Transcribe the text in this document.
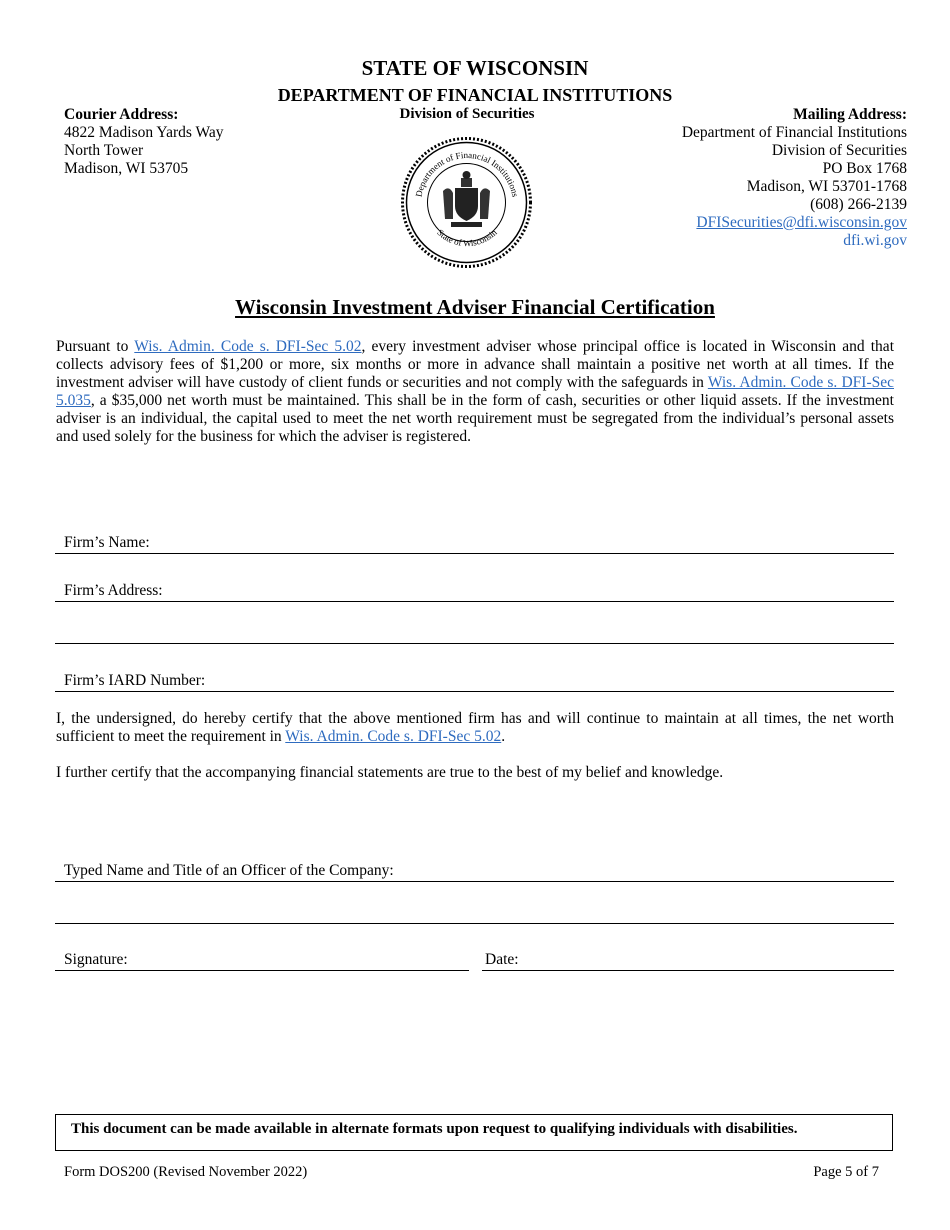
STATE OF WISCONSIN
DEPARTMENT OF FINANCIAL INSTITUTIONS
Division of Securities
Courier Address:
4822 Madison Yards Way
North Tower
Madison, WI 53705
Mailing Address:
Department of Financial Institutions
Division of Securities
PO Box 1768
Madison, WI 53701-1768
(608) 266-2139
DFISecurities@dfi.wisconsin.gov
dfi.wi.gov
Department of Financial Institutions
State of Wisconsin
Wisconsin Investment Adviser Financial Certification
Pursuant to Wis. Admin. Code s. DFI-Sec 5.02, every investment adviser whose principal office is located in Wisconsin and that collects advisory fees of $1,200 or more, six months or more in advance shall maintain a positive net worth at all times. If the investment adviser will have custody of client funds or securities and not comply with the safeguards in Wis. Admin. Code s. DFI-Sec 5.035, a $35,000 net worth must be maintained. This shall be in the form of cash, securities or other liquid assets. If the investment adviser is an individual, the capital used to meet the net worth requirement must be segregated from the individual’s personal assets and used solely for the business for which the adviser is registered.
Firm’s Name:
Firm’s Address:
Firm’s IARD Number:
I, the undersigned, do hereby certify that the above mentioned firm has and will continue to maintain at all times, the net worth sufficient to meet the requirement in Wis. Admin. Code s. DFI-Sec 5.02.
I further certify that the accompanying financial statements are true to the best of my belief and knowledge.
Typed Name and Title of an Officer of the Company:
Signature:	Date:
This document can be made available in alternate formats upon request to qualifying individuals with disabilities.
Form DOS200 (Revised November 2022)	Page 5 of 7
